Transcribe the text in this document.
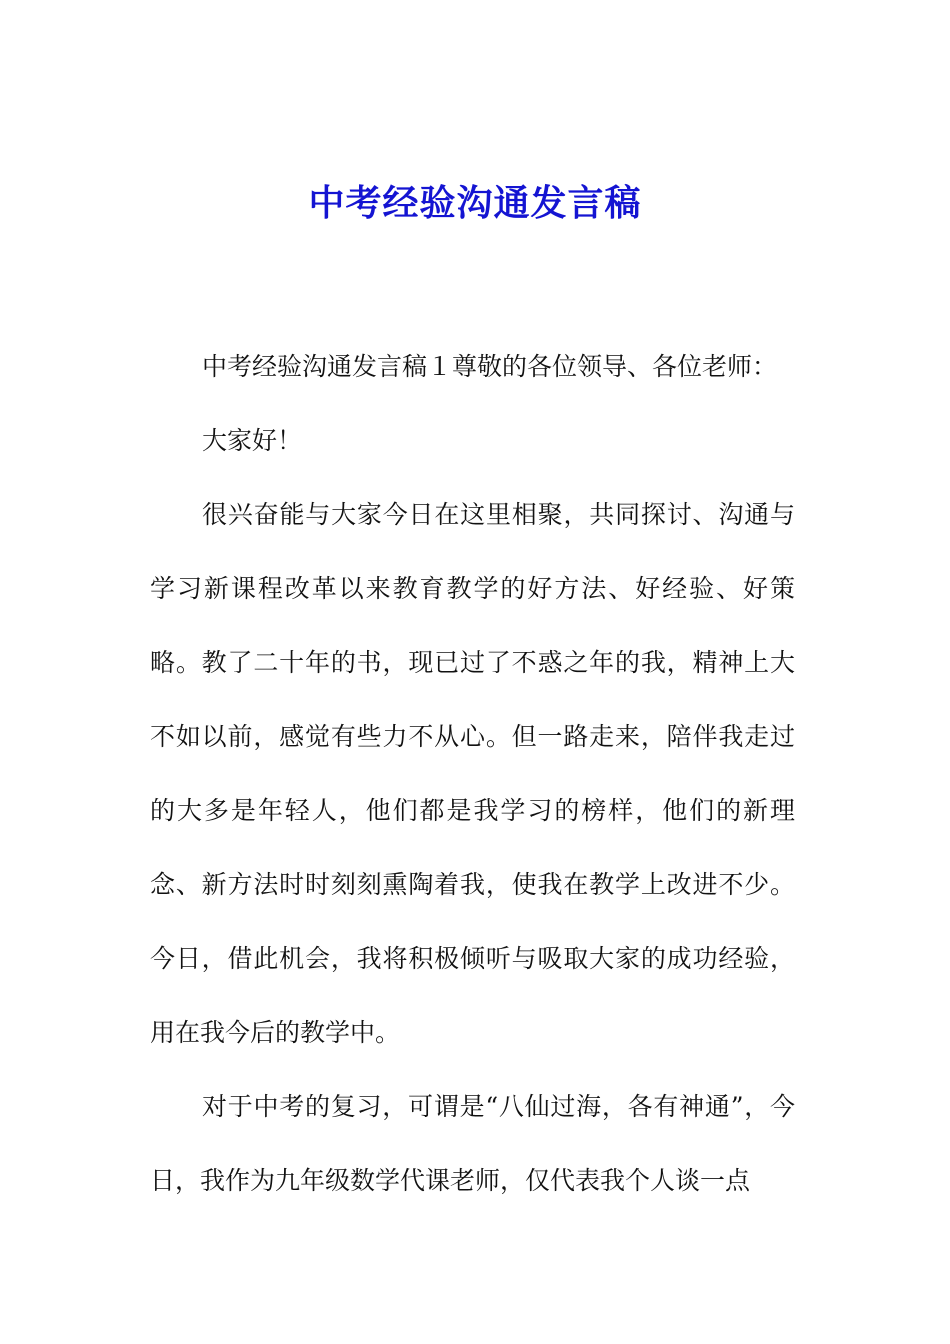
中考经验沟通发言稿

中考经验沟通发言稿１尊敬的各位领导、各位老师：

大家好！

很兴奋能与大家今日在这里相聚，共同探讨、沟通与学习新课程改革以来教育教学的好方法、好经验、好策略。教了二十年的书，现已过了不惑之年的我，精神上大不如以前，感觉有些力不从心。但一路走来，陪伴我走过的大多是年轻人，他们都是我学习的榜样，他们的新理念、新方法时时刻刻熏陶着我，使我在教学上改进不少。今日，借此机会，我将积极倾听与吸取大家的成功经验，用在我今后的教学中。

对于中考的复习，可谓是“八仙过海，各有神通”，今日，我作为九年级数学代课老师，仅代表我个人谈一点
